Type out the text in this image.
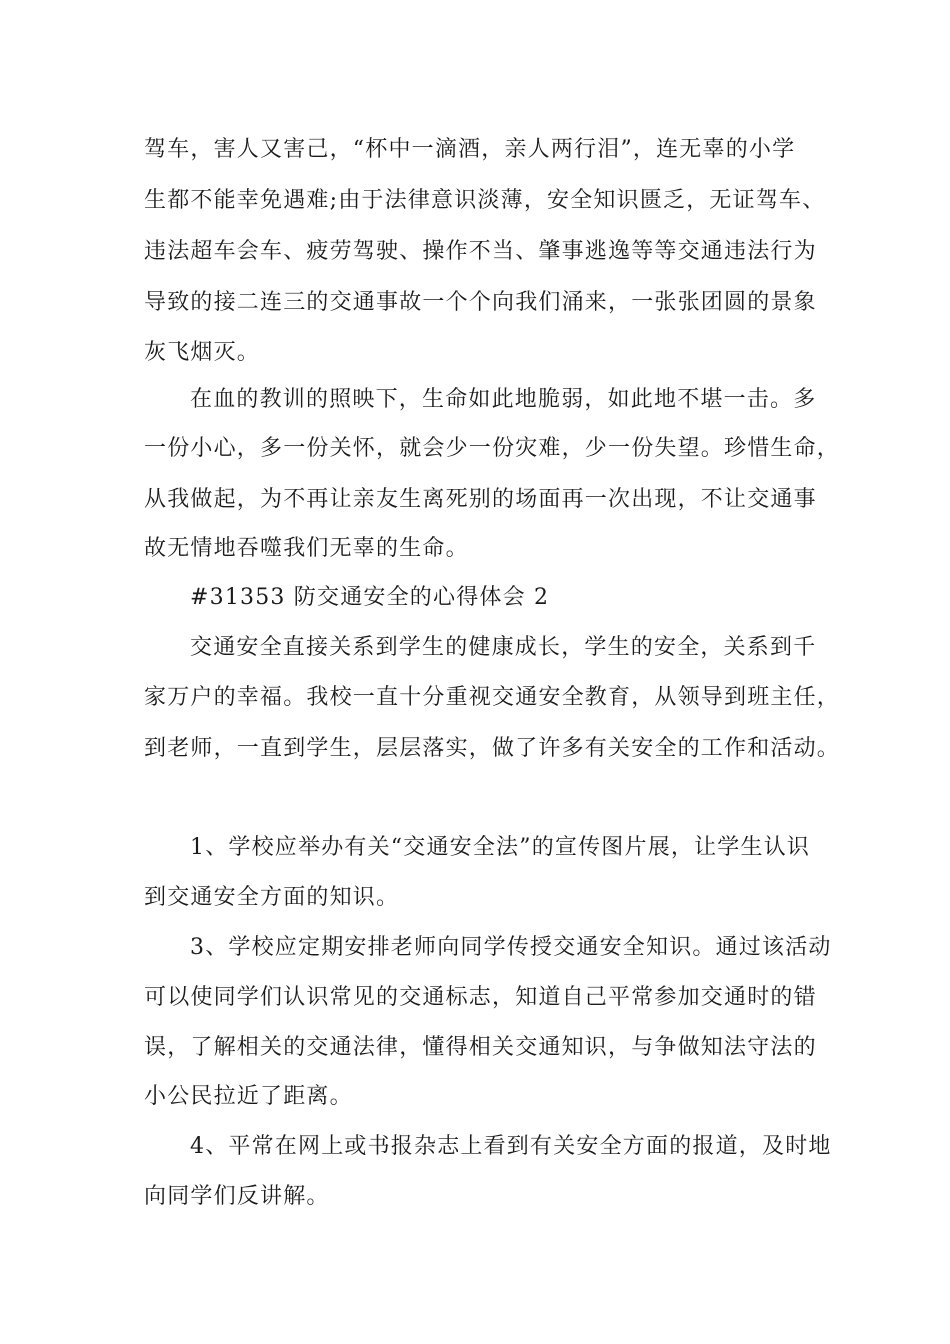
驾车，害人又害己，“杯中一滴酒，亲人两行泪”，连无辜的小学
生都不能幸免遇难;由于法律意识淡薄，安全知识匮乏，无证驾车、
违法超车会车、疲劳驾驶、操作不当、肇事逃逸等等交通违法行为
导致的接二连三的交通事故一个个向我们涌来，一张张团圆的景象
灰飞烟灭。
在血的教训的照映下，生命如此地脆弱，如此地不堪一击。多
一份小心，多一份关怀，就会少一份灾难，少一份失望。珍惜生命，
从我做起，为不再让亲友生离死别的场面再一次出现，不让交通事
故无情地吞噬我们无辜的生命。
#31353 防交通安全的心得体会 2
交通安全直接关系到学生的健康成长，学生的安全，关系到千
家万户的幸福。我校一直十分重视交通安全教育，从领导到班主任，
到老师，一直到学生，层层落实，做了许多有关安全的工作和活动。
1、学校应举办有关“交通安全法”的宣传图片展，让学生认识
到交通安全方面的知识。
3、学校应定期安排老师向同学传授交通安全知识。通过该活动
可以使同学们认识常见的交通标志，知道自己平常参加交通时的错
误，了解相关的交通法律，懂得相关交通知识，与争做知法守法的
小公民拉近了距离。
4、平常在网上或书报杂志上看到有关安全方面的报道，及时地
向同学们反讲解。
